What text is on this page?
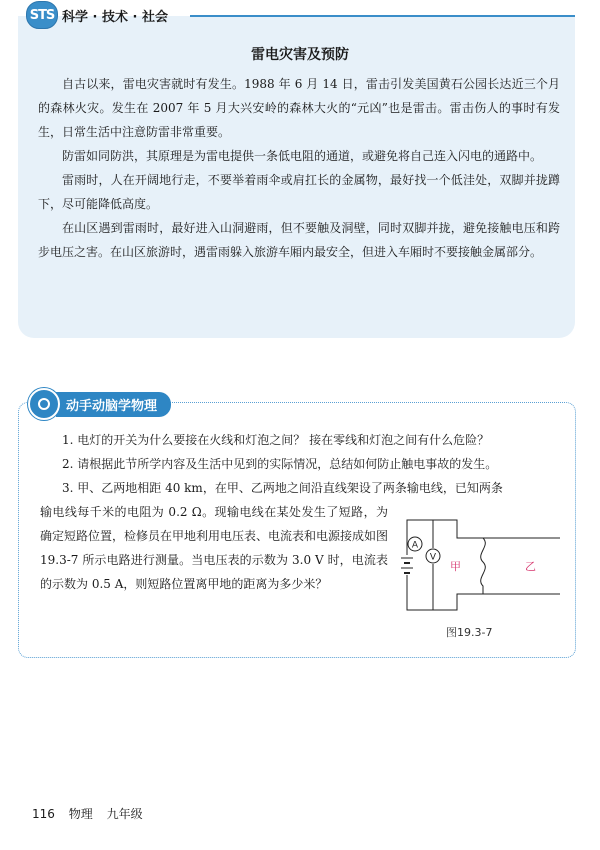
STS 科学 · 技术 · 社会
雷电灾害及预防

自古以来，雷电灾害就时有发生。1988 年 6 月 14 日，雷击引发美国黄石公园长达近三个月的森林火灾。发生在 2007 年 5 月大兴安岭的森林大火的“元凶”也是雷击。雷击伤人的事时有发生，日常生活中注意防雷非常重要。

防雷如同防洪，其原理是为雷电提供一条低电阻的通道，或避免将自己连入闪电的通路中。

雷雨时，人在开阔地行走，不要举着雨伞或肩扛长的金属物，最好找一个低洼处，双脚并拢蹲下，尽可能降低高度。

在山区遇到雷雨时，最好进入山洞避雨，但不要触及洞壁，同时双脚并拢，避免接触电压和跨步电压之害。在山区旅游时，遇雷雨躲入旅游车厢内最安全，但进入车厢时不要接触金属部分。

动手动脑学物理
1. 电灯的开关为什么要接在火线和灯泡之间？ 接在零线和灯泡之间有什么危险？
2. 请根据此节所学内容及生活中见到的实际情况，总结如何防止触电事故的发生。
3. 甲、乙两地相距 40 km，在甲、乙两地之间沿直线架设了两条输电线，已知两条
输电线每千米的电阻为 0.2 Ω。现输电线在某处发生了短路，为确定短路位置，检修员在甲地利用电压表、电流表和电源接成如图 19.3-7 所示电路进行测量。当电压表的示数为 3.0 V 时，电流表的示数为 0.5 A，则短路位置离甲地的距离为多少米？
A
V
甲	乙
图19.3-7
116 物理 九年级
